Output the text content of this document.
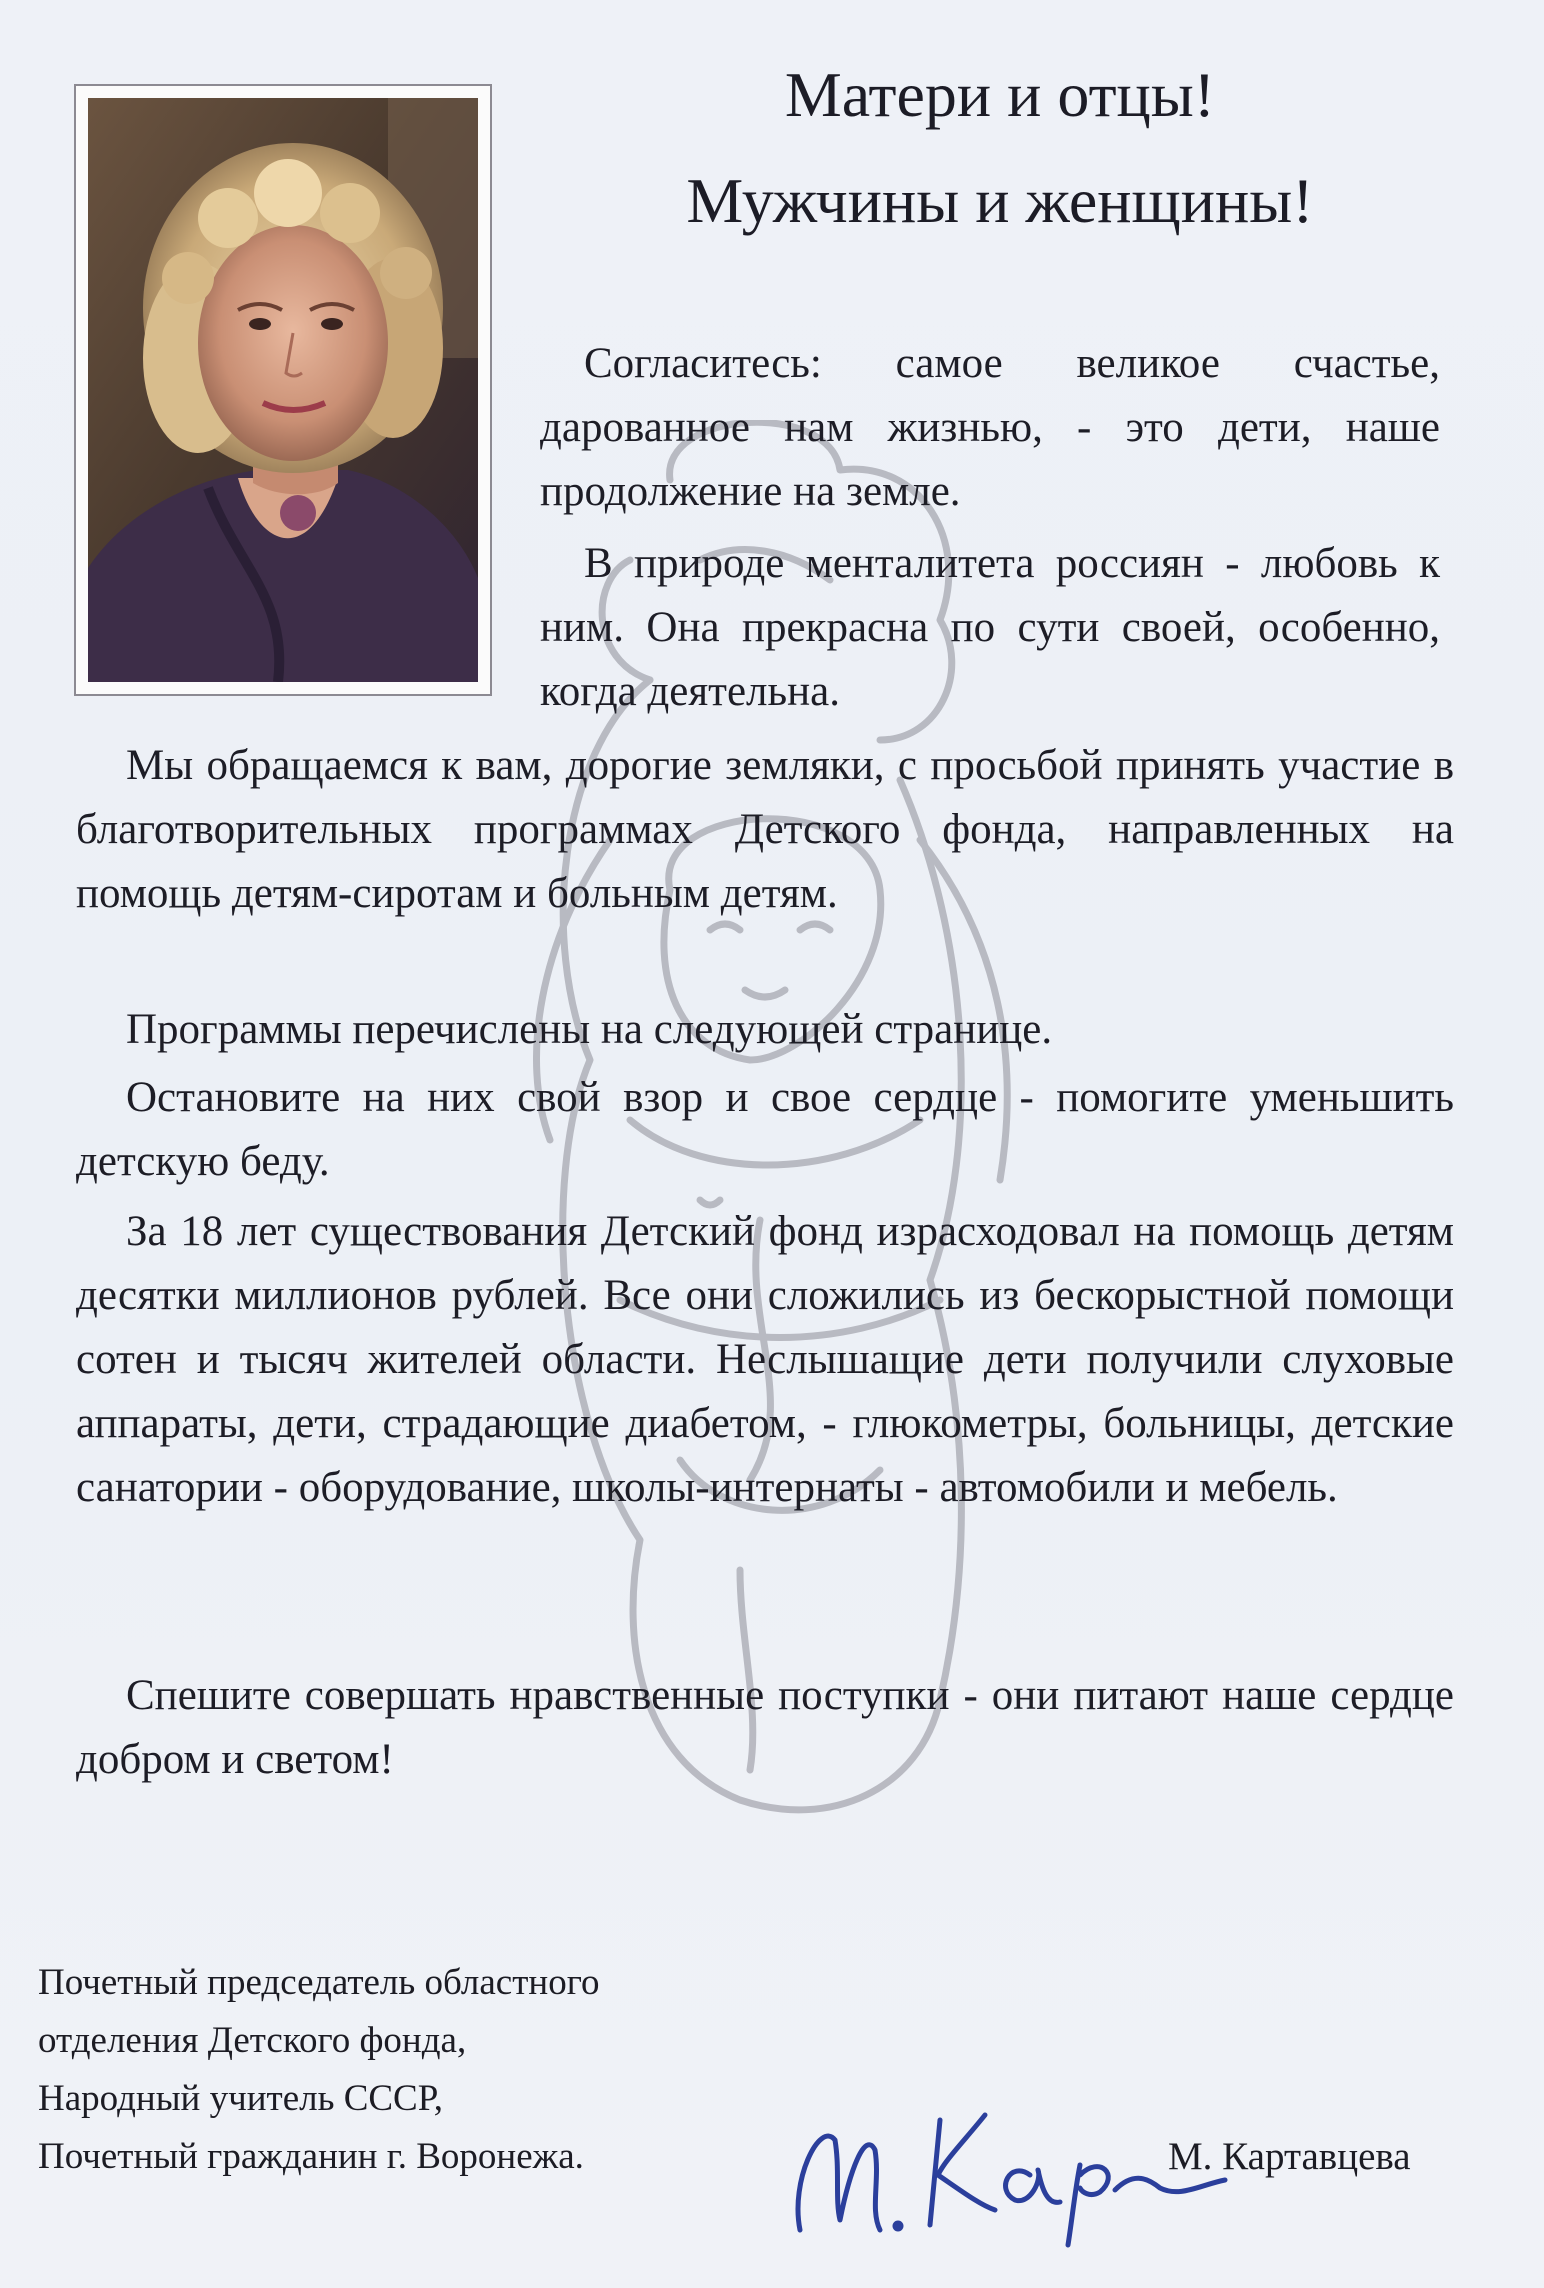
Матери и отцы!
Мужчины и женщины!

Согласитесь: самое великое счастье, дарованное нам жизнью, - это дети, наше продолжение на земле.

В природе менталитета россиян - любовь к ним. Она прекрасна по сути своей, особенно, когда деятельна.

Мы обращаемся к вам, дорогие земляки, с просьбой принять участие в благотворительных программах Детского фонда, направленных на помощь детям-сиротам и больным детям.

Программы перечислены на следующей странице.

Остановите на них свой взор и свое сердце - помогите уменьшить детскую беду.

За 18 лет существования Детский фонд израсходовал на помощь детям десятки миллионов рублей. Все они сложились из бескорыстной помощи сотен и тысяч жителей области. Неслышащие дети получили слуховые аппараты, дети, страдающие диабетом, - глюкометры, больницы, детские санатории - оборудование, школы-интернаты - автомобили и мебель.

Спешите совершать нравственные поступки - они питают наше сердце добром и светом!

Почетный председатель областного
отделения Детского фонда,
Народный учитель СССР,
Почетный гражданин г. Воронежа.	М. Картавцева
